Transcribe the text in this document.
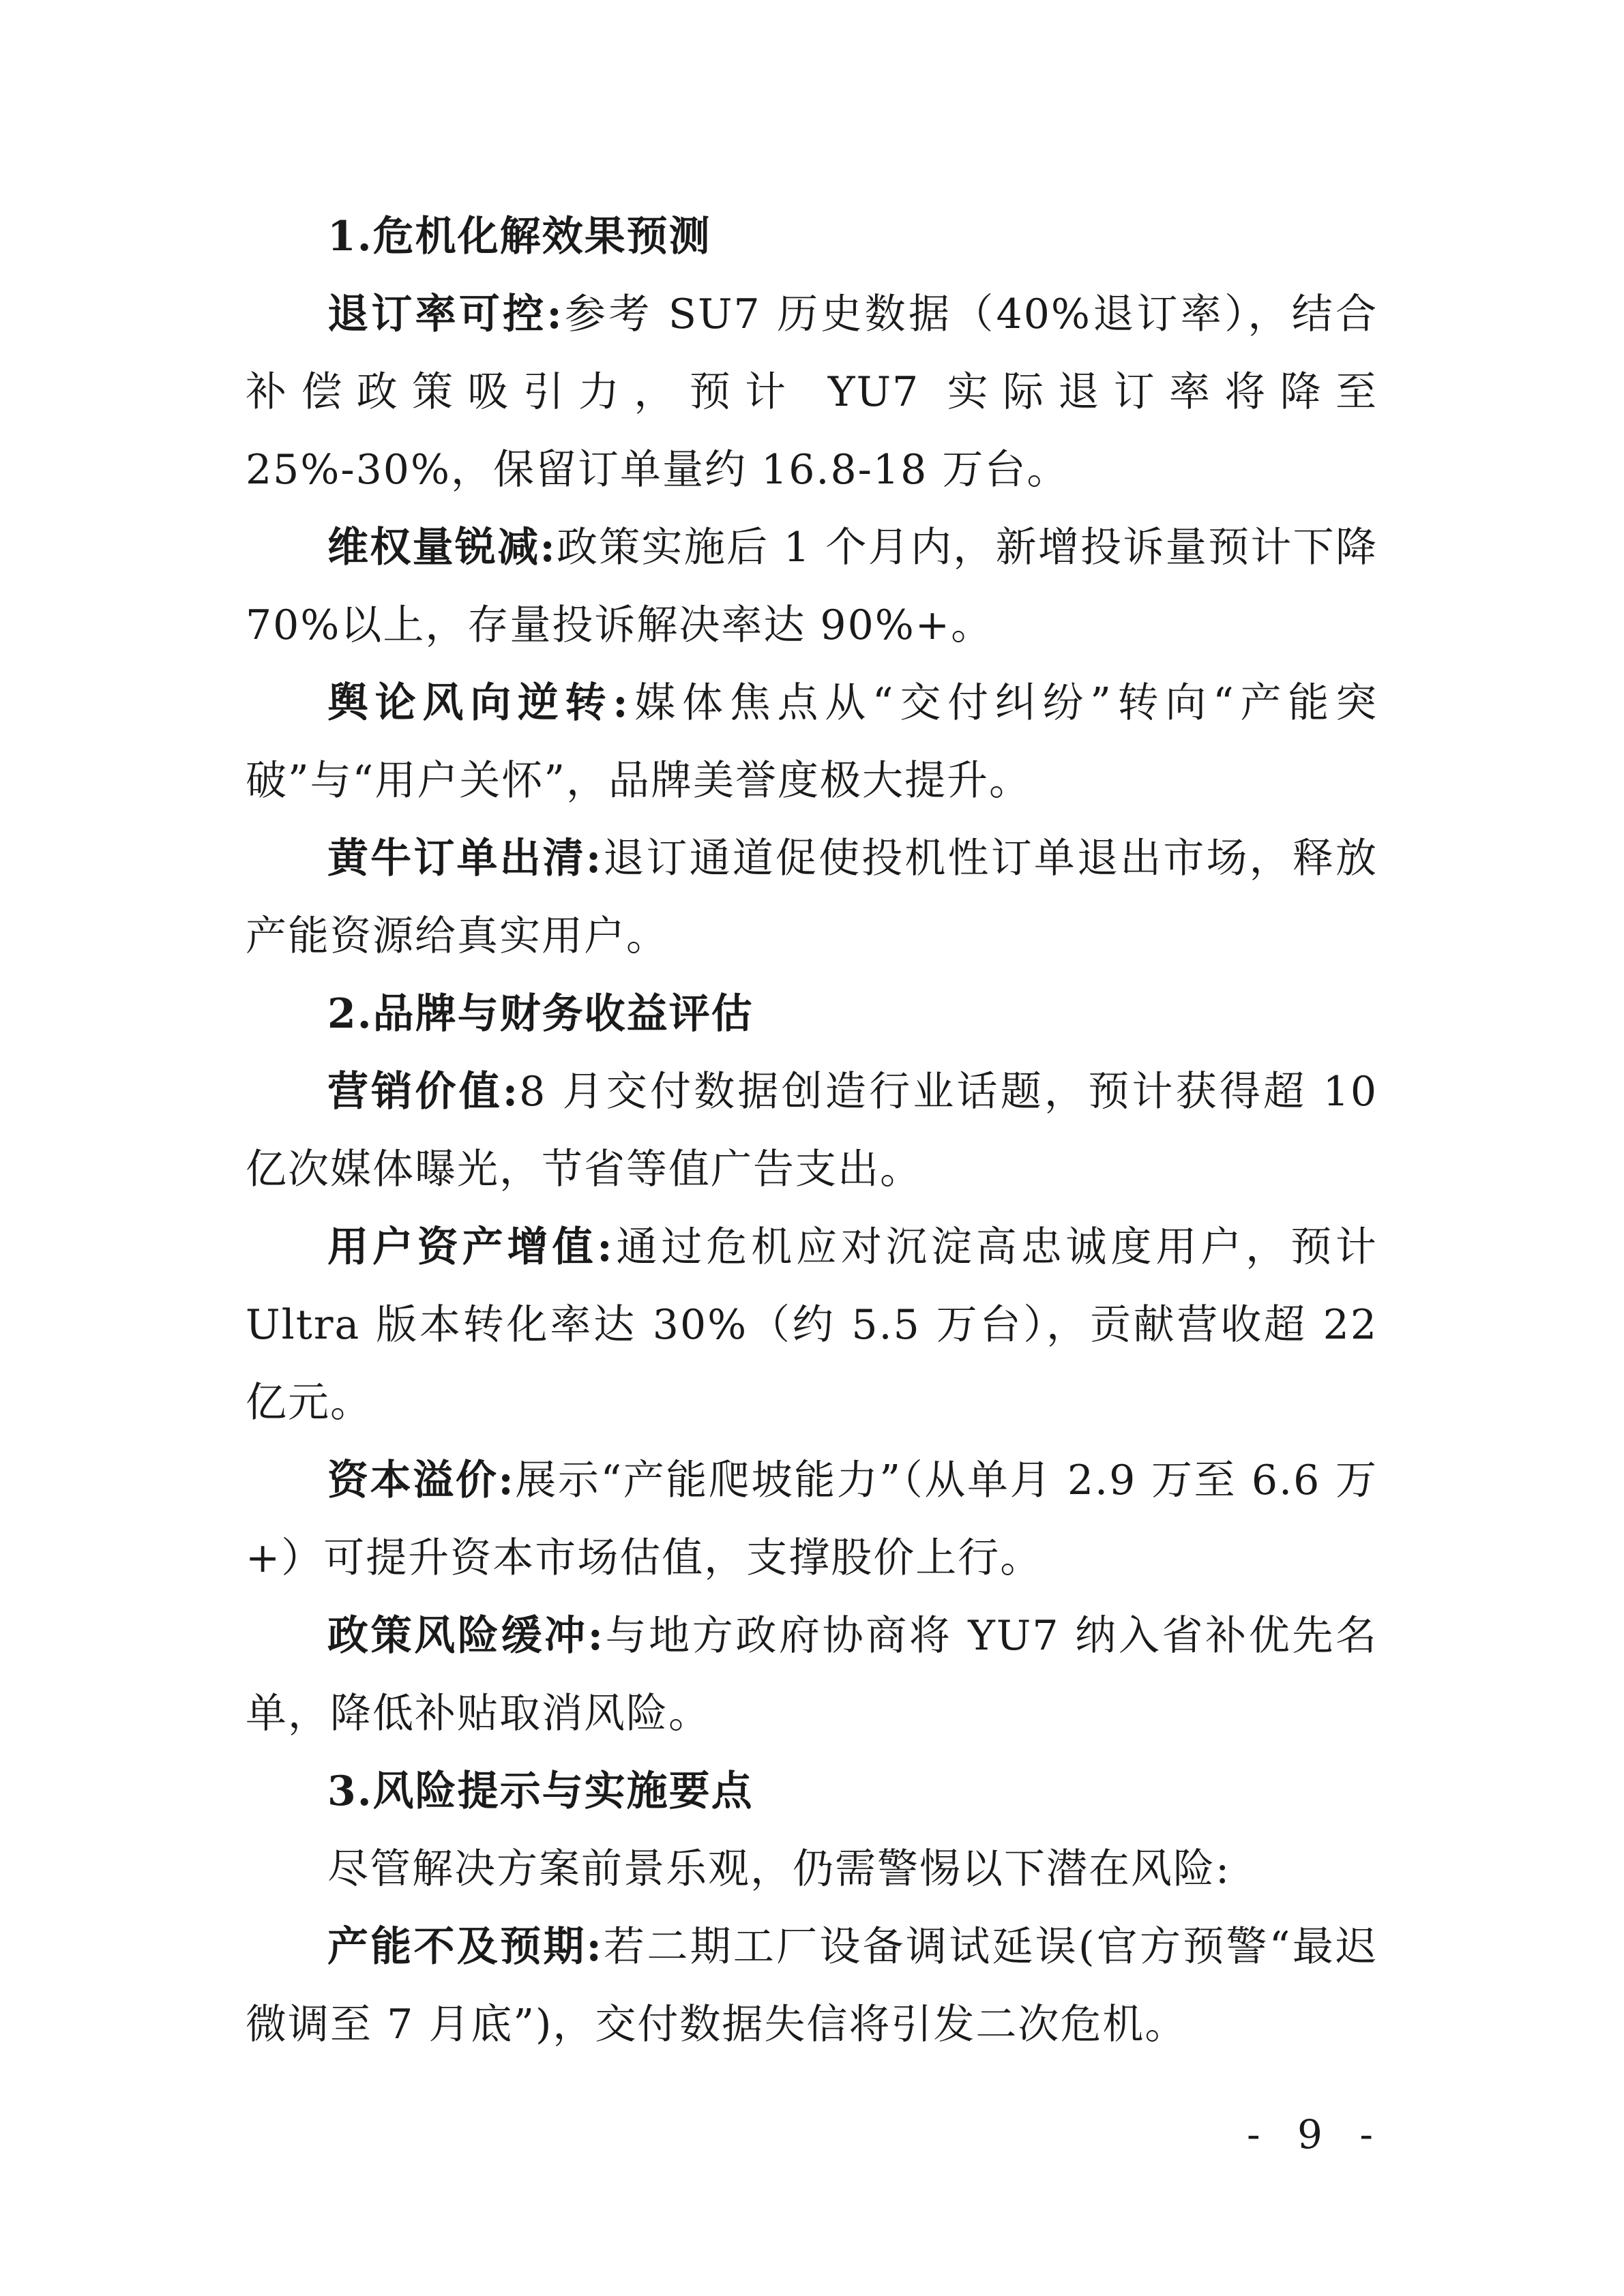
1.危机化解效果预测

退订率可控:参考 SU7 历史数据（40%退订率），结合补偿政策吸引力，预计 YU7 实际退订率将降至 25%-30%，保留订单量约 16.8-18 万台。

维权量锐减:政策实施后 1 个月内，新增投诉量预计下降 70%以上，存量投诉解决率达 90%+。

舆论风向逆转:媒体焦点从“交付纠纷”转向“产能突破”与“用户关怀”，品牌美誉度极大提升。

黄牛订单出清:退订通道促使投机性订单退出市场，释放产能资源给真实用户。

2.品牌与财务收益评估

营销价值:8 月交付数据创造行业话题，预计获得超 10 亿次媒体曝光，节省等值广告支出。

用户资产增值:通过危机应对沉淀高忠诚度用户，预计 Ultra 版本转化率达 30%（约 5.5 万台），贡献营收超 22 亿元。

资本溢价:展示“产能爬坡能力”（从单月 2.9 万至 6.6 万+）可提升资本市场估值，支撑股价上行。

政策风险缓冲:与地方政府协商将 YU7 纳入省补优先名单，降低补贴取消风险。

3.风险提示与实施要点

尽管解决方案前景乐观，仍需警惕以下潜在风险:

产能不及预期:若二期工厂设备调试延误(官方预警“最迟微调至 7 月底”)，交付数据失信将引发二次危机。

- 9 -
